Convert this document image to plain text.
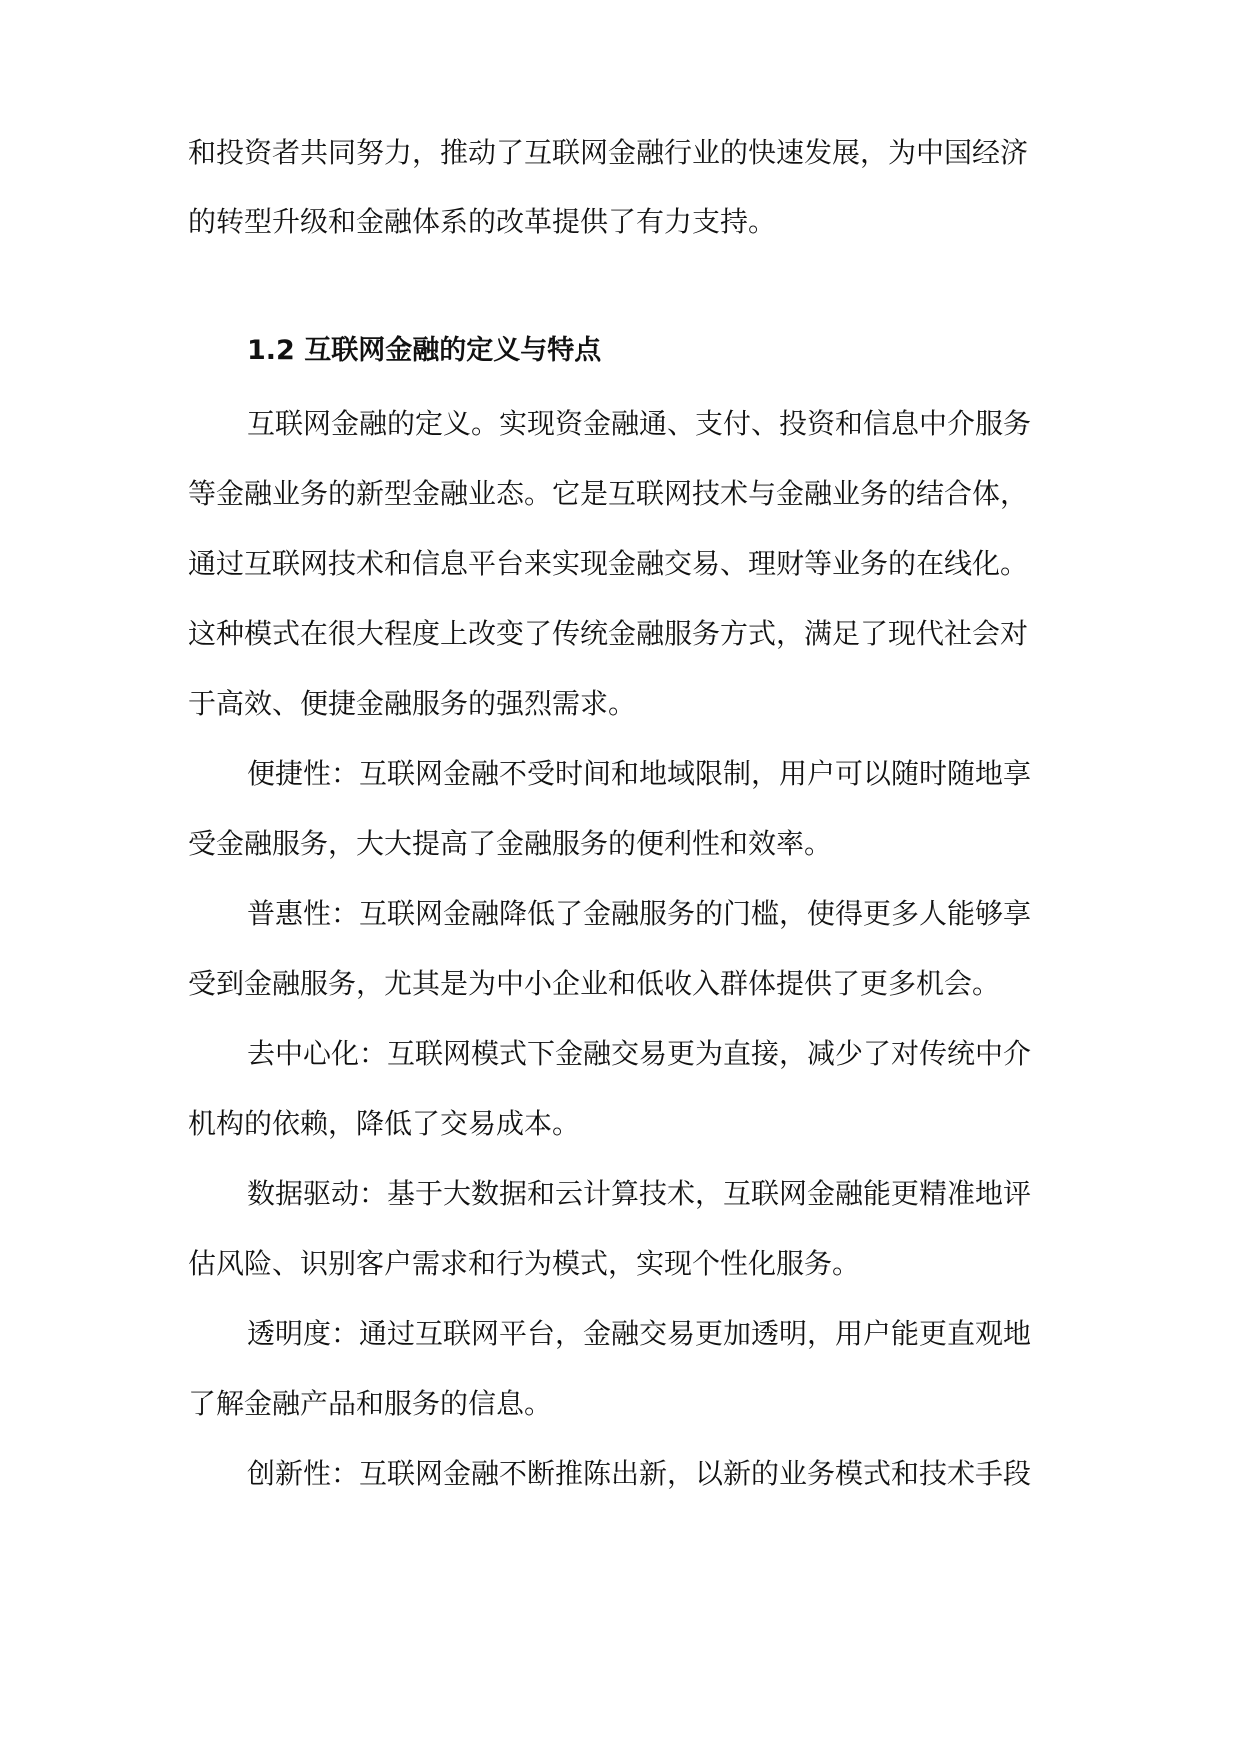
和投资者共同努力，推动了互联网金融行业的快速发展，为中国经济
的转型升级和金融体系的改革提供了有力支持。
1.2 互联网金融的定义与特点
互联网金融的定义。实现资金融通、支付、投资和信息中介服务
等金融业务的新型金融业态。它是互联网技术与金融业务的结合体，
通过互联网技术和信息平台来实现金融交易、理财等业务的在线化。
这种模式在很大程度上改变了传统金融服务方式，满足了现代社会对
于高效、便捷金融服务的强烈需求。
便捷性：互联网金融不受时间和地域限制，用户可以随时随地享
受金融服务，大大提高了金融服务的便利性和效率。
普惠性：互联网金融降低了金融服务的门槛，使得更多人能够享
受到金融服务，尤其是为中小企业和低收入群体提供了更多机会。
去中心化：互联网模式下金融交易更为直接，减少了对传统中介
机构的依赖，降低了交易成本。
数据驱动：基于大数据和云计算技术，互联网金融能更精准地评
估风险、识别客户需求和行为模式，实现个性化服务。
透明度：通过互联网平台，金融交易更加透明，用户能更直观地
了解金融产品和服务的信息。
创新性：互联网金融不断推陈出新，以新的业务模式和技术手段
